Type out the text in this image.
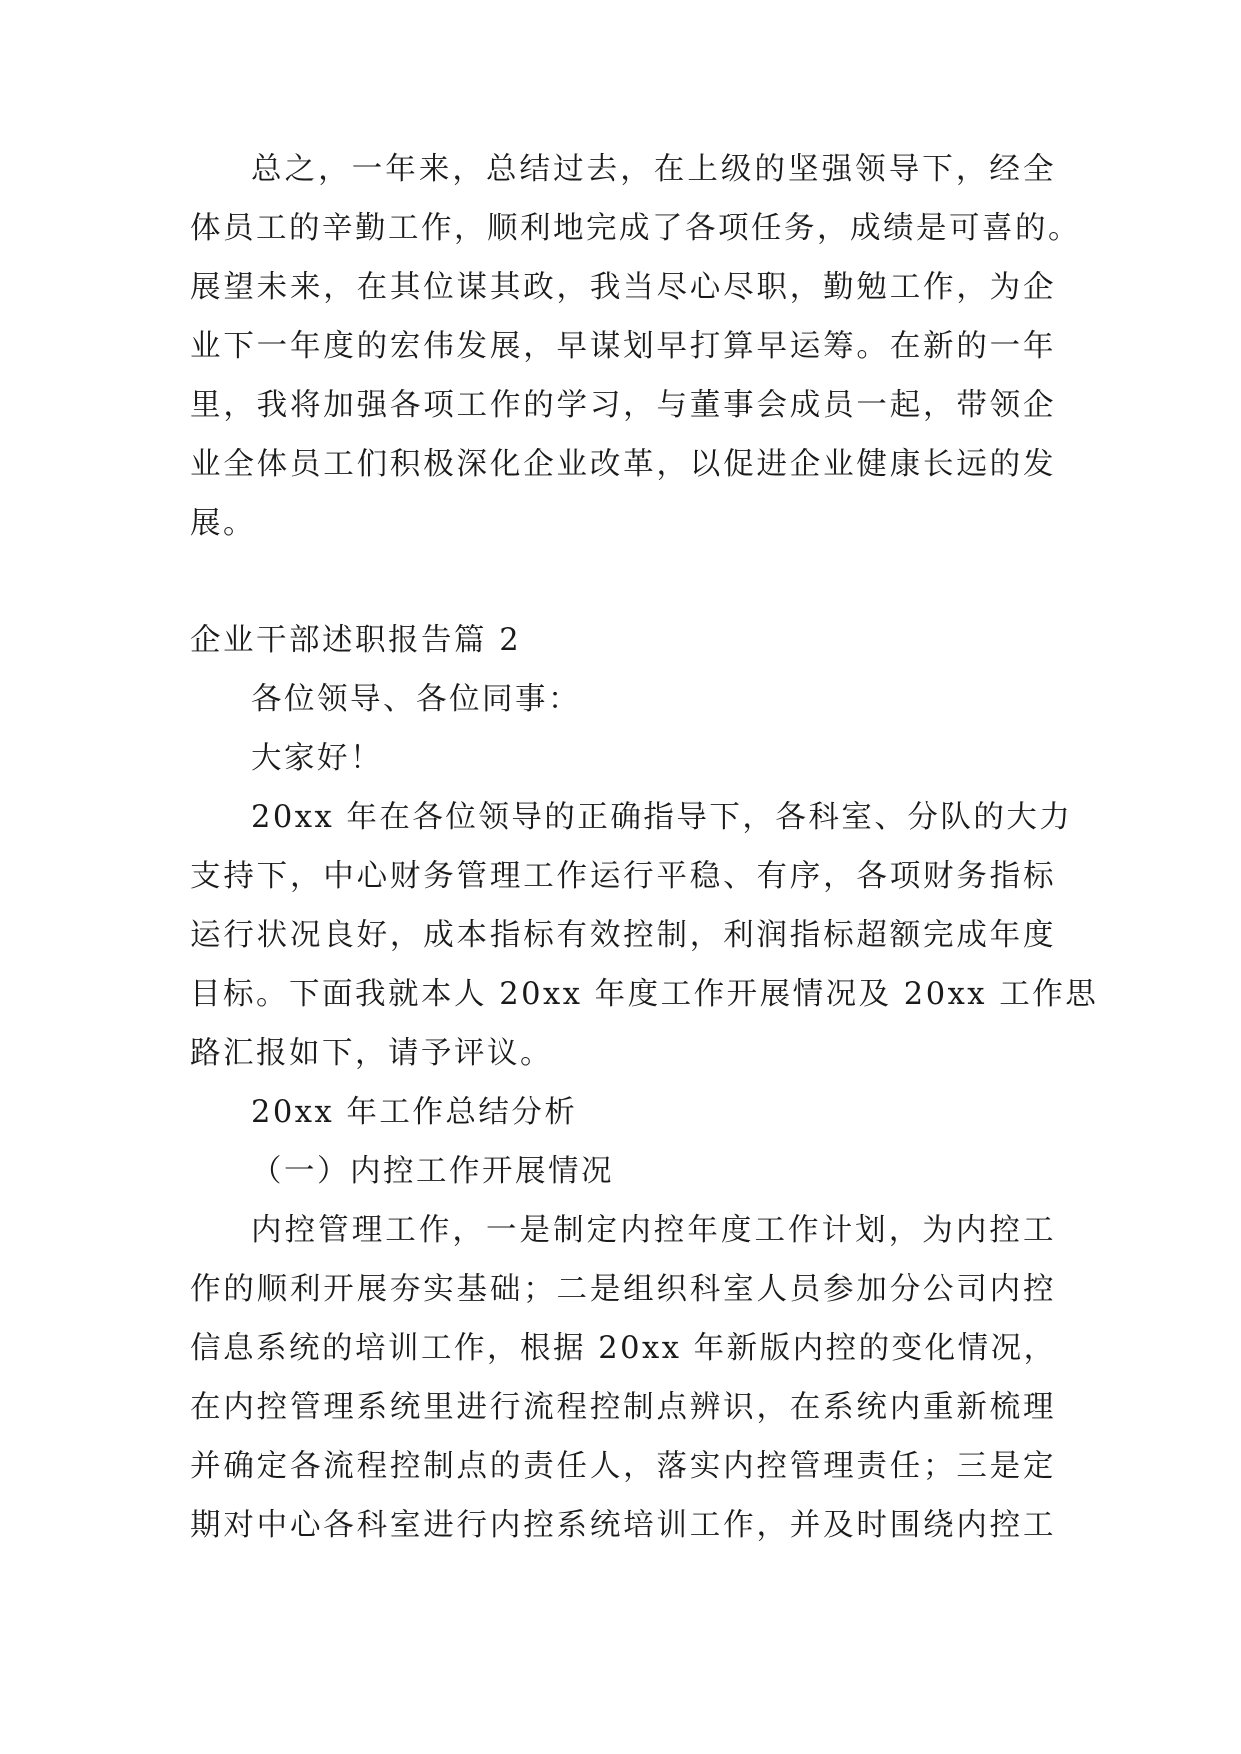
总之，一年来，总结过去，在上级的坚强领导下，经全
体员工的辛勤工作，顺利地完成了各项任务，成绩是可喜的。
展望未来，在其位谋其政，我当尽心尽职，勤勉工作，为企
业下一年度的宏伟发展，早谋划早打算早运筹。在新的一年
里，我将加强各项工作的学习，与董事会成员一起，带领企
业全体员工们积极深化企业改革，以促进企业健康长远的发
展。
企业干部述职报告篇 2
各位领导、各位同事：
大家好！
20xx 年在各位领导的正确指导下，各科室、分队的大力
支持下，中心财务管理工作运行平稳、有序，各项财务指标
运行状况良好，成本指标有效控制，利润指标超额完成年度
目标。下面我就本人 20xx 年度工作开展情况及 20xx 工作思
路汇报如下，请予评议。
20xx 年工作总结分析
（一）内控工作开展情况
内控管理工作，一是制定内控年度工作计划，为内控工
作的顺利开展夯实基础；二是组织科室人员参加分公司内控
信息系统的培训工作，根据 20xx 年新版内控的变化情况，
在内控管理系统里进行流程控制点辨识，在系统内重新梳理
并确定各流程控制点的责任人，落实内控管理责任；三是定
期对中心各科室进行内控系统培训工作，并及时围绕内控工
